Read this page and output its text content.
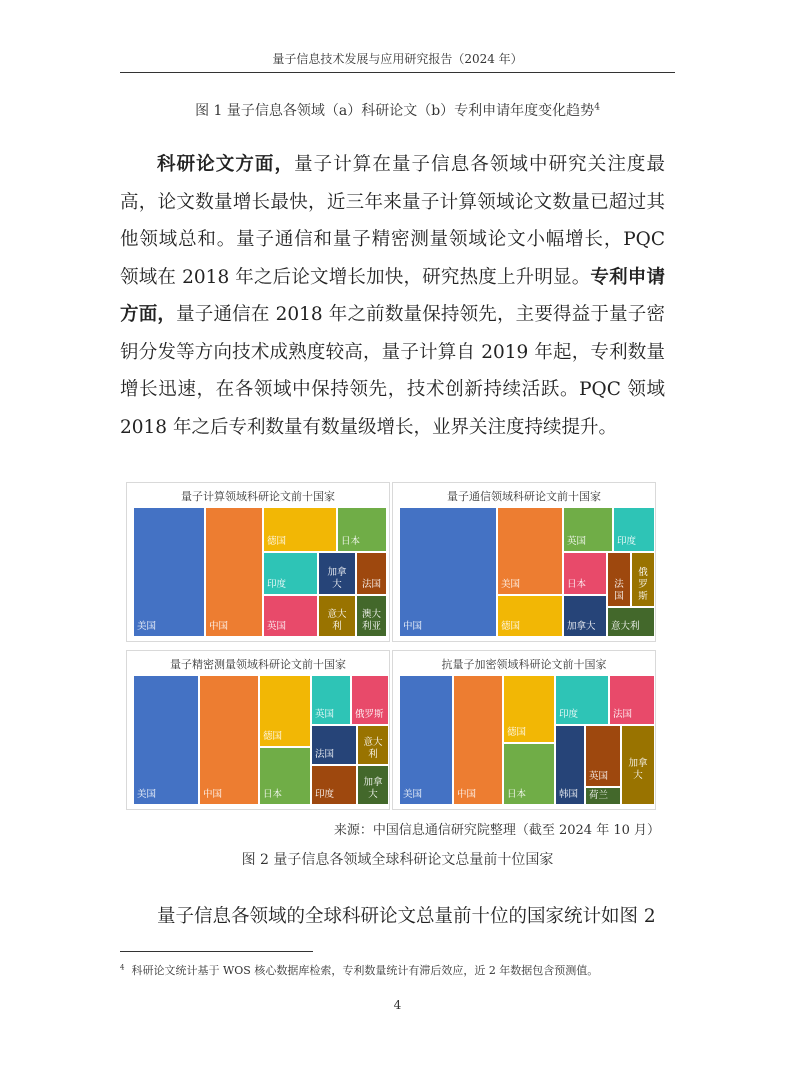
量子信息技术发展与应用研究报告（2024 年）
图 1 量子信息各领域（a）科研论文（b）专利申请年度变化趋势$^4$

科研论文方面，量子计算在量子信息各领域中研究关注度最高，论文数量增长最快，近三年来量子计算领域论文数量已超过其他领域总和。量子通信和量子精密测量领域论文小幅增长，PQC 领域在 2018 年之后论文增长加快，研究热度上升明显。专利申请方面，量子通信在 2018 年之前数量保持领先，主要得益于量子密钥分发等方向技术成熟度较高，量子计算自 2019 年起，专利数量增长迅速，在各领域中保持领先，技术创新持续活跃。PQC 领域 2018 年之后专利数量有数量级增长，业界关注度持续提升。

量子计算领域科研论文前十国家
美国	中国
德国	日本
印度
加拿大	法国
英国
意大利
澳大利亚
量子通信领域科研论文前十国家
中国
美国
德国
英国	印度
日本	法国
俄罗斯
加拿大 意大利
量子精密测量领域科研论文前十国家
美国	中国
德国
日本
英国 俄罗斯
法国
意大利
印度
加拿大
抗量子加密领域科研论文前十国家
美国	中国
德国
日本
印度	法国
韩国
英国
加拿大
荷兰
来源：中国信息通信研究院整理（截至 2024 年 10 月）
图 2 量子信息各领域全球科研论文总量前十位国家

量子信息各领域的全球科研论文总量前十位的国家统计如图 2

$^4$ 科研论文统计基于 WOS 核心数据库检索，专利数量统计有滞后效应，近 2 年数据包含预测值。
4
